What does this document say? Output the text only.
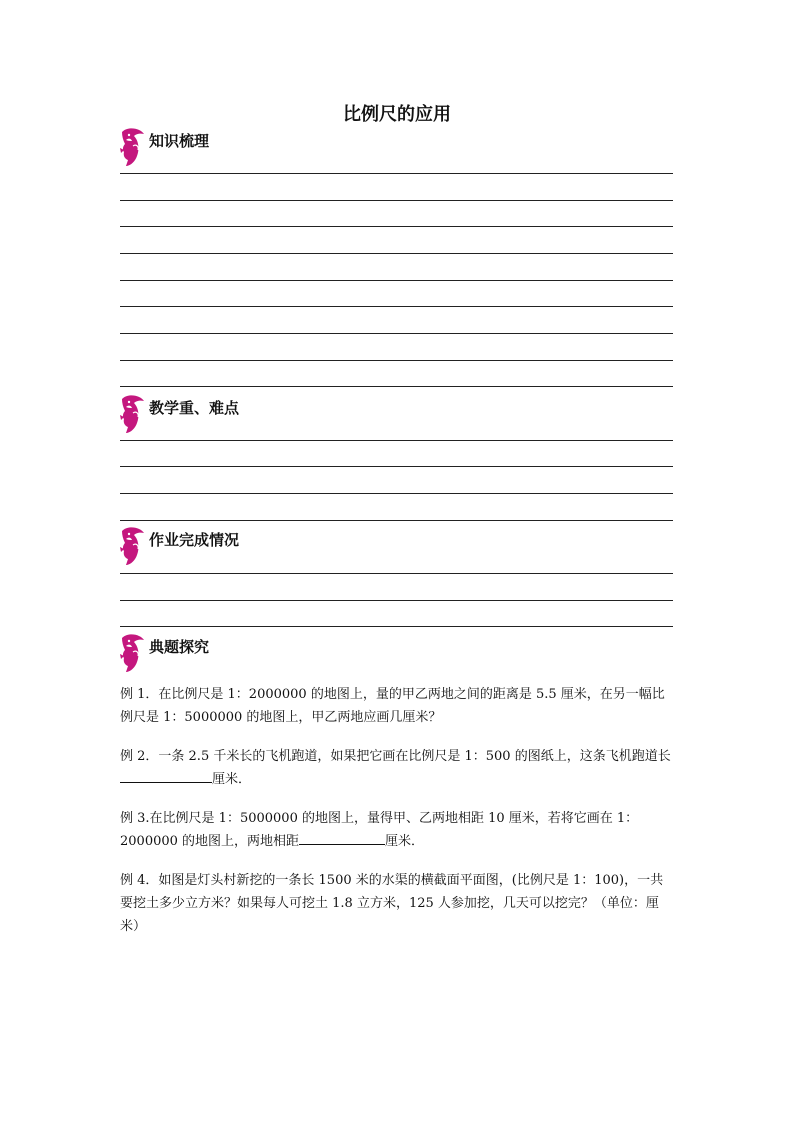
比例尺的应用
知识梳理
教学重、难点
作业完成情况
典题探究

例 1．在比例尺是 1：2000000 的地图上，量的甲乙两地之间的距离是 5.5 厘米，在另一幅比例尺是 1：5000000 的地图上，甲乙两地应画几厘米？

例 2．一条 2.5 千米长的飞机跑道，如果把它画在比例尺是 1：500 的图纸上，这条飞机跑道长厘米．

例 3.在比例尺是 1：5000000 的地图上，量得甲、乙两地相距 10 厘米，若将它画在 1：2000000 的地图上，两地相距	厘米．

例 4．如图是灯头村新挖的一条长 1500 米的水渠的横截面平面图，(比例尺是 1：100)，一共要挖土多少立方米？如果每人可挖土 1.8 立方米，125 人参加挖，几天可以挖完？（单位：厘米）
